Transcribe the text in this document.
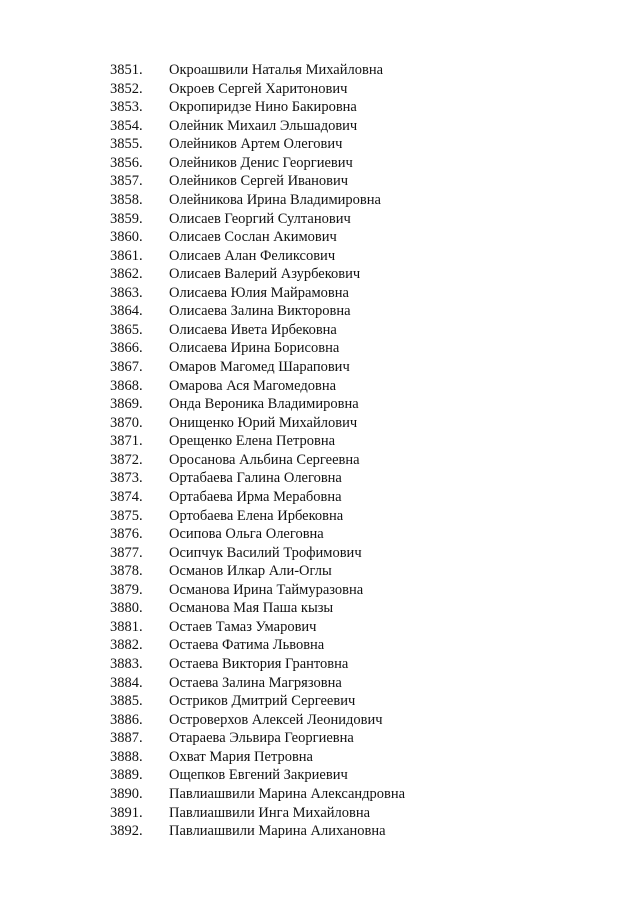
3851.	Окроашвили Наталья Михайловна
3852.	Окроев Сергей Харитонович
3853.	Окропиридзе Нино Бакировна
3854.	Олейник Михаил Эльшадович
3855.	Олейников Артем Олегович
3856.	Олейников Денис Георгиевич
3857.	Олейников Сергей Иванович
3858.	Олейникова Ирина Владимировна
3859.	Олисаев Георгий Султанович
3860.	Олисаев Сослан Акимович
3861.	Олисаев Алан Феликсович
3862.	Олисаев Валерий Азурбекович
3863.	Олисаева Юлия Майрамовна
3864.	Олисаева Залина Викторовна
3865.	Олисаева Ивета Ирбековна
3866.	Олисаева Ирина Борисовна
3867.	Омаров Магомед Шарапович
3868.	Омарова Ася Магомедовна
3869.	Онда Вероника Владимировна
3870.	Онищенко Юрий Михайлович
3871.	Орещенко Елена Петровна
3872.	Оросанова Альбина Сергеевна
3873.	Ортабаева Галина Олеговна
3874.	Ортабаева Ирма Мерабовна
3875.	Ортобаева Елена Ирбековна
3876.	Осипова Ольга Олеговна
3877.	Осипчук Василий Трофимович
3878.	Османов Илкар Али-Оглы
3879.	Османова Ирина Таймуразовна
3880.	Османова Мая Паша кызы
3881.	Остаев Тамаз Умарович
3882.	Остаева Фатима Львовна
3883.	Остаева Виктория Грантовна
3884.	Остаева Залина Магрязовна
3885.	Остриков Дмитрий Сергеевич
3886.	Островерхов Алексей Леонидович
3887.	Отараева Эльвира Георгиевна
3888.	Охват Мария Петровна
3889.	Ощепков Евгений Закриевич
3890.	Павлиашвили Марина Александровна
3891.	Павлиашвили Инга Михайловна
3892.	Павлиашвили Марина Алихановна
